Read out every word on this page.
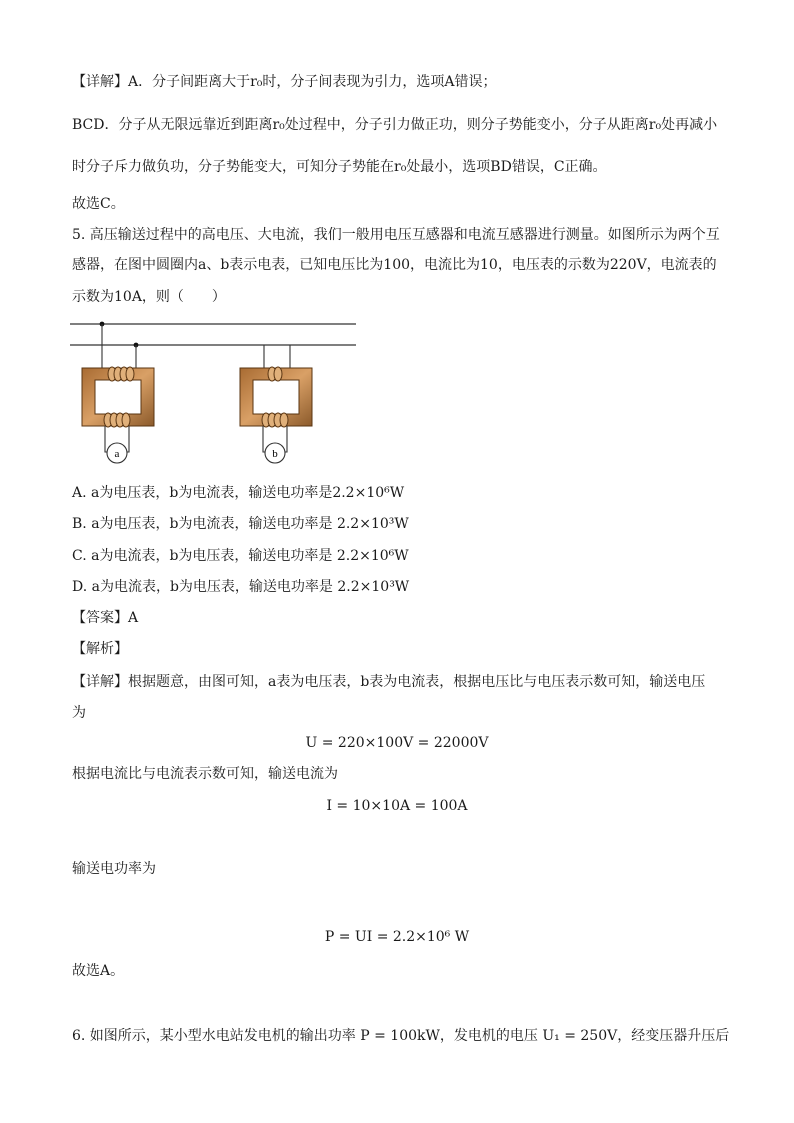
【详解】A．分子间距离大于r₀时，分子间表现为引力，选项A错误；
BCD．分子从无限远靠近到距离r₀处过程中，分子引力做正功，则分子势能变小，分子从距离r₀处再减小
时分子斥力做负功，分子势能变大，可知分子势能在r₀处最小，选项BD错误，C正确。
故选C。
5. 高压输送过程中的高电压、大电流，我们一般用电压互感器和电流互感器进行测量。如图所示为两个互
感器，在图中圆圈内a、b表示电表，已知电压比为100，电流比为10，电压表的示数为220V，电流表的
示数为10A，则（　　）
a	b
A. a为电压表，b为电流表，输送电功率是2.2×10⁶W
B. a为电压表，b为电流表，输送电功率是 2.2×10³W
C. a为电流表，b为电压表，输送电功率是 2.2×10⁶W
D. a为电流表，b为电压表，输送电功率是 2.2×10³W
【答案】A
【解析】
【详解】根据题意，由图可知，a表为电压表，b表为电流表，根据电压比与电压表示数可知，输送电压
为
U = 220×100V = 22000V
根据电流比与电流表示数可知，输送电流为
I = 10×10A = 100A
输送电功率为
P = UI = 2.2×10⁶ W
故选A。
6. 如图所示，某小型水电站发电机的输出功率 P = 100kW，发电机的电压 U₁ = 250V，经变压器升压后
